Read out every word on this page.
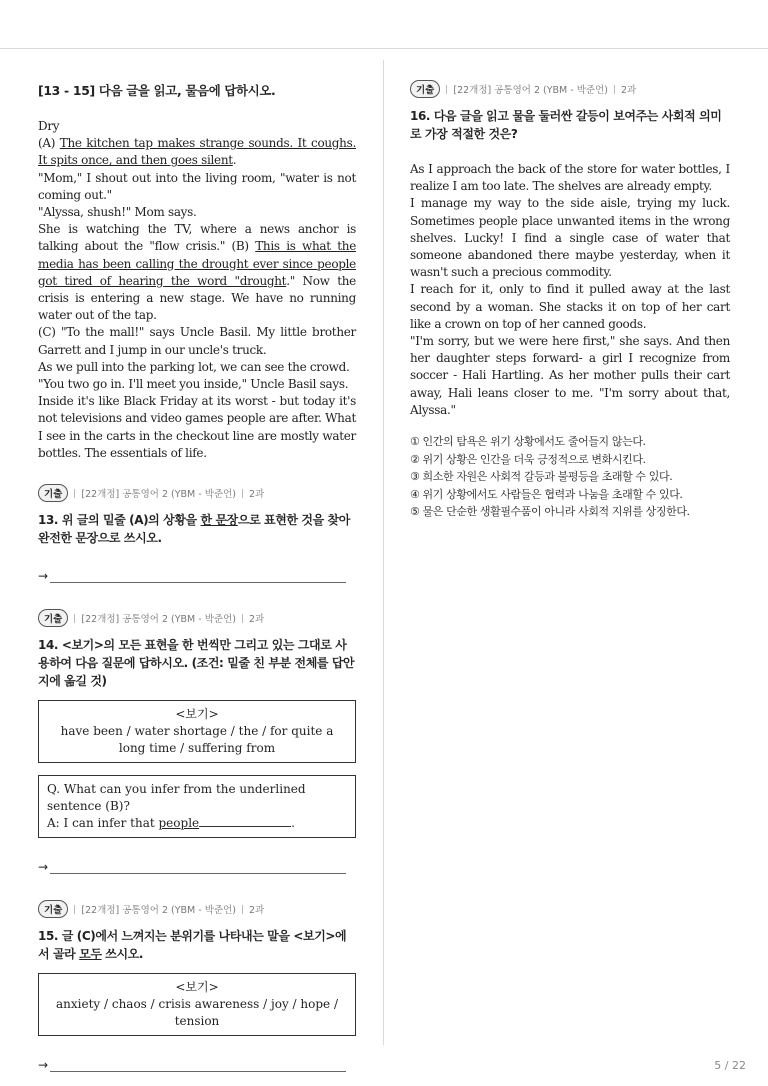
[13 - 15] 다음 글을 읽고, 물음에 답하시오.

Dry

(A) The kitchen tap makes strange sounds. It coughs. It spits once, and then goes silent.

"Mom," I shout out into the living room, "water is not coming out."

"Alyssa, shush!" Mom says.

She is watching the TV, where a news anchor is talking about the "flow crisis." (B) This is what the media has been calling the drought ever since people got tired of hearing the word "drought." Now the crisis is entering a new stage. We have no running water out of the tap.

(C) "To the mall!" says Uncle Basil. My little brother Garrett and I jump in our uncle's truck.

As we pull into the parking lot, we can see the crowd.

"You two go in. I'll meet you inside," Uncle Basil says.

Inside it's like Black Friday at its worst - but today it's not televisions and video games people are after. What I see in the carts in the checkout line are mostly water bottles. The essentials of life.

기출	[22개정] 공통영어 2 (YBM - 박준언) 2과
13. 위 글의 밑줄 (A)의 상황을 한 문장으로 표현한 것을 찾아 완전한 문장으로 쓰시오.
→
기출	[22개정] 공통영어 2 (YBM - 박준언) 2과
14. <보기>의 모든 표현을 한 번씩만 그리고 있는 그대로 사용하여 다음 질문에 답하시오. (조건: 밑줄 친 부분 전체를 답안지에 옮길 것)
<보기>
have been / water shortage / the / for quite a long time / suffering from
Q. What can you infer from the underlined sentence (B)?
A: I can infer that people	.
→
기출	[22개정] 공통영어 2 (YBM - 박준언) 2과
15. 글 (C)에서 느껴지는 분위기를 나타내는 말을 <보기>에서 골라 모두 쓰시오.
<보기>
anxiety / chaos / crisis awareness / joy / hope / tension
→
기출	[22개정] 공통영어 2 (YBM - 박준언) 2과
16. 다음 글을 읽고 물을 둘러싼 갈등이 보여주는 사회적 의미로 가장 적절한 것은?

As I approach the back of the store for water bottles, I realize I am too late. The shelves are already empty.

I manage my way to the side aisle, trying my luck. Sometimes people place unwanted items in the wrong shelves. Lucky! I find a single case of water that someone abandoned there maybe yesterday, when it wasn't such a precious commodity.

I reach for it, only to find it pulled away at the last second by a woman. She stacks it on top of her cart like a crown on top of her canned goods.

"I'm sorry, but we were here first," she says. And then her daughter steps forward- a girl I recognize from soccer - Hali Hartling. As her mother pulls their cart away, Hali leans closer to me. "I'm sorry about that, Alyssa."

① 인간의 탐욕은 위기 상황에서도 줄어들지 않는다.
② 위기 상황은 인간을 더욱 긍정적으로 변화시킨다.
③ 희소한 자원은 사회적 갈등과 불평등을 초래할 수 있다.
④ 위기 상황에서도 사람들은 협력과 나눔을 초래할 수 있다.
⑤ 물은 단순한 생활필수품이 아니라 사회적 지위를 상징한다.
5 / 22
